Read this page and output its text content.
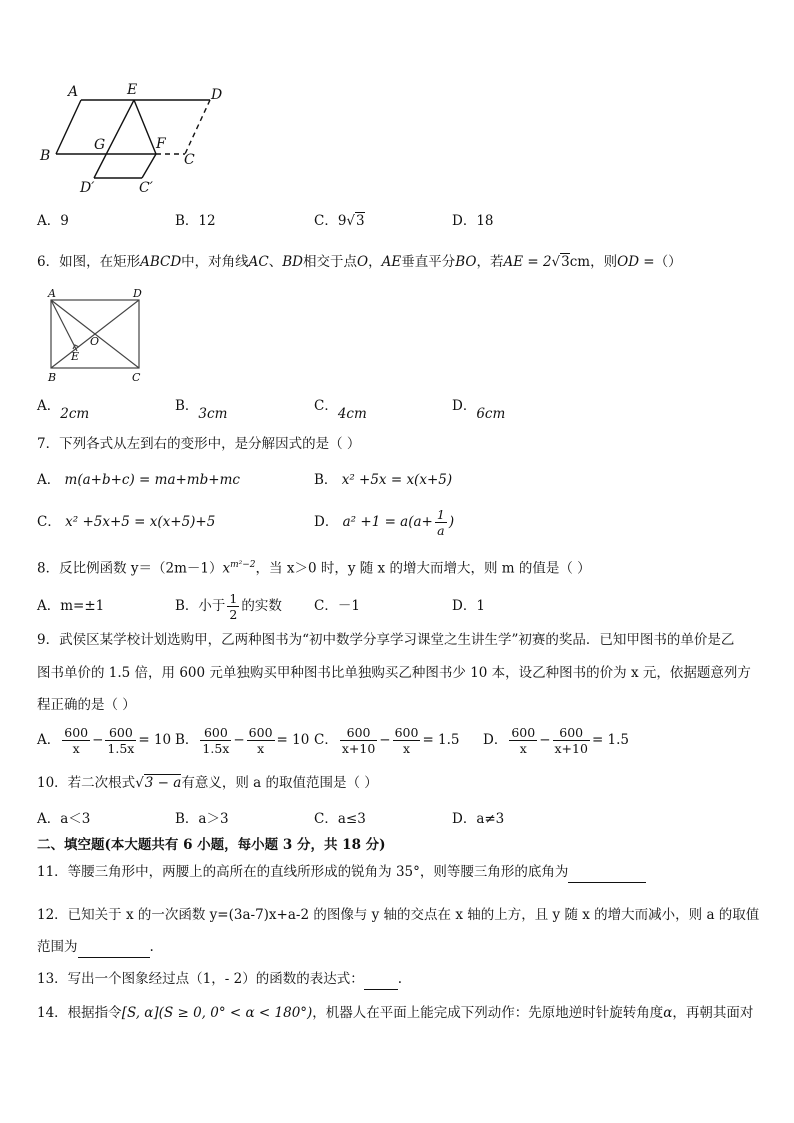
A	E	D
B
G	F
C
D′	C′
A．9	B．12	C．9√3	D．18
6．如图，在矩形ABCD中，对角线AC、BD相交于点O，AE垂直平分BO，若AE = 2√3cm，则OD =（）
A	D
O
E
B	C
A．2cm	B．3cm	C．4cm	D．6cm
7．下列各式从左到右的变形中，是分解因式的是（ ）
A． m(a+b+c) = ma+mb+mc	B． x² +5x = x(x+5)
C． x² +5x+5 = x(x+5)+5	D． $a^2 +1 = a(a+ \frac{1}{a}$ )
8．反比例函数 $y=(2m-1)x^{m^2-2}$，当 x＞0 时，y 随 x 的增大而增大，则 m 的值是（ ）
A．m=±1	B．小于 $\frac{1}{2}$ 的实数 C．－1	D．1
9．武侯区某学校计划选购甲，乙两种图书为“初中数学分享学习课堂之生讲生学”初赛的奖品．已知甲图书的单价是乙
图书单价的 1.5 倍，用 600 元单独购买甲种图书比单独购买乙种图书少 10 本，设乙种图书的价为 x 元，依据题意列方
程正确的是（ ）
A． $\frac{600}{x} - \frac{600}{1.5x} = 10$ B． $\frac{600}{1.5x} - \frac{600}{x} = 10$ C． $\frac{600}{x+10} - \frac{600}{x} = 1.5$ D． $\frac{600}{x} - \frac{600}{x+10} = 1.5$
10．若二次根式√3 − a有意义，则 a 的取值范围是（ ）
A．a＜3	B．a＞3	C．a≤3	D．a≠3
二、填空题(本大题共有 6 小题，每小题 3 分，共 18 分)
11．等腰三角形中，两腰上的高所在的直线所形成的锐角为 35°，则等腰三角形的底角为
12．已知关于 x 的一次函数 y=(3a-7)x+a-2 的图像与 y 轴的交点在 x 轴的上方，且 y 随 x 的增大而减小，则 a 的取值
范围为	.
13．写出一个图象经过点（1，- 2）的函数的表达式：	.
14．根据指令[S, α](S ≥ 0, 0° < α < 180°)，机器人在平面上能完成下列动作：先原地逆时针旋转角度α，再朝其面对
